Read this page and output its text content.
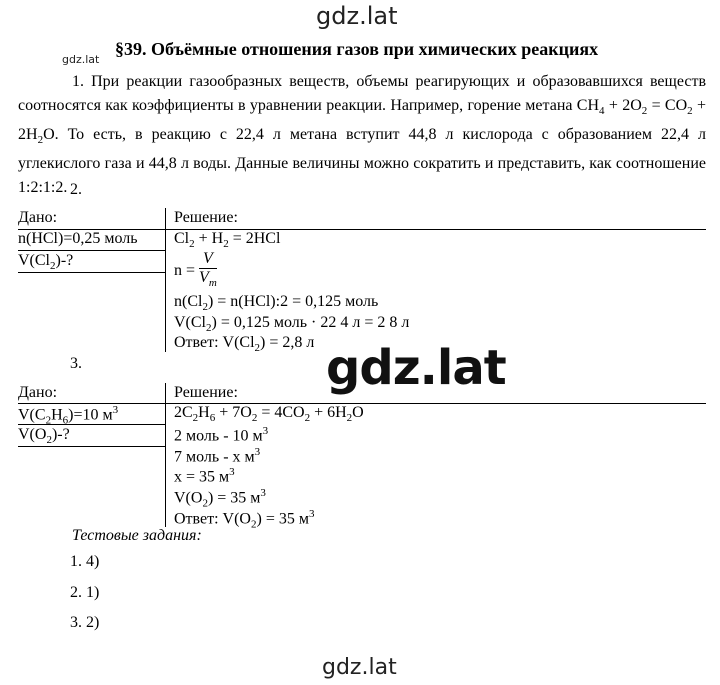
gdz.lat
gdz.lat
§39. Объёмные отношения газов при химических реакциях
1. При реакции газообразных веществ, объемы реагирующих и образовавшихся веществ соотносятся как коэффициенты в уравнении реакции. Например, горение метана $CH_4 + 2O_2 = CO_2 + 2H_2O$. То есть, в реакцию с 22,4 л метана вступит 44,8 л кислорода с образованием 22,4 л углекислого газа и 44,8 л воды. Данные величины можно сократить и представить, как соотношение 1:2:1:2. 2.
Дано:	Решение:
n(HCl)=0,25 моль
$V(Cl_2)-$?
$Cl_2 + H_2 = 2HCl$
$n = \frac{V}{V_m}$
$n(Cl_2)$ = n(HCl):2 = 0,125 моль
$V(Cl_2) = 0,125$ моль · 22 4 л = 2 8 л
Ответ: $V(Cl_2) = 2,8$ л gdz.lat
3.
Дано:	Решение:
$V(C_2H_6)=10$ $м^3$
$V(O_2)-$?
$2C_2H_6 + 7O_2 = 4CO_2 + 6H_2O$
2 моль - 10 $м^3$
7 моль - х $м^3$
х = 35 $м^3$
$V(O_2) = 35$ $м^3$
Ответ: $V(O_2) = 35$ $м^3$
Тестовые задания:
1. 4)
2. 1)
3. 2)
gdz.lat
